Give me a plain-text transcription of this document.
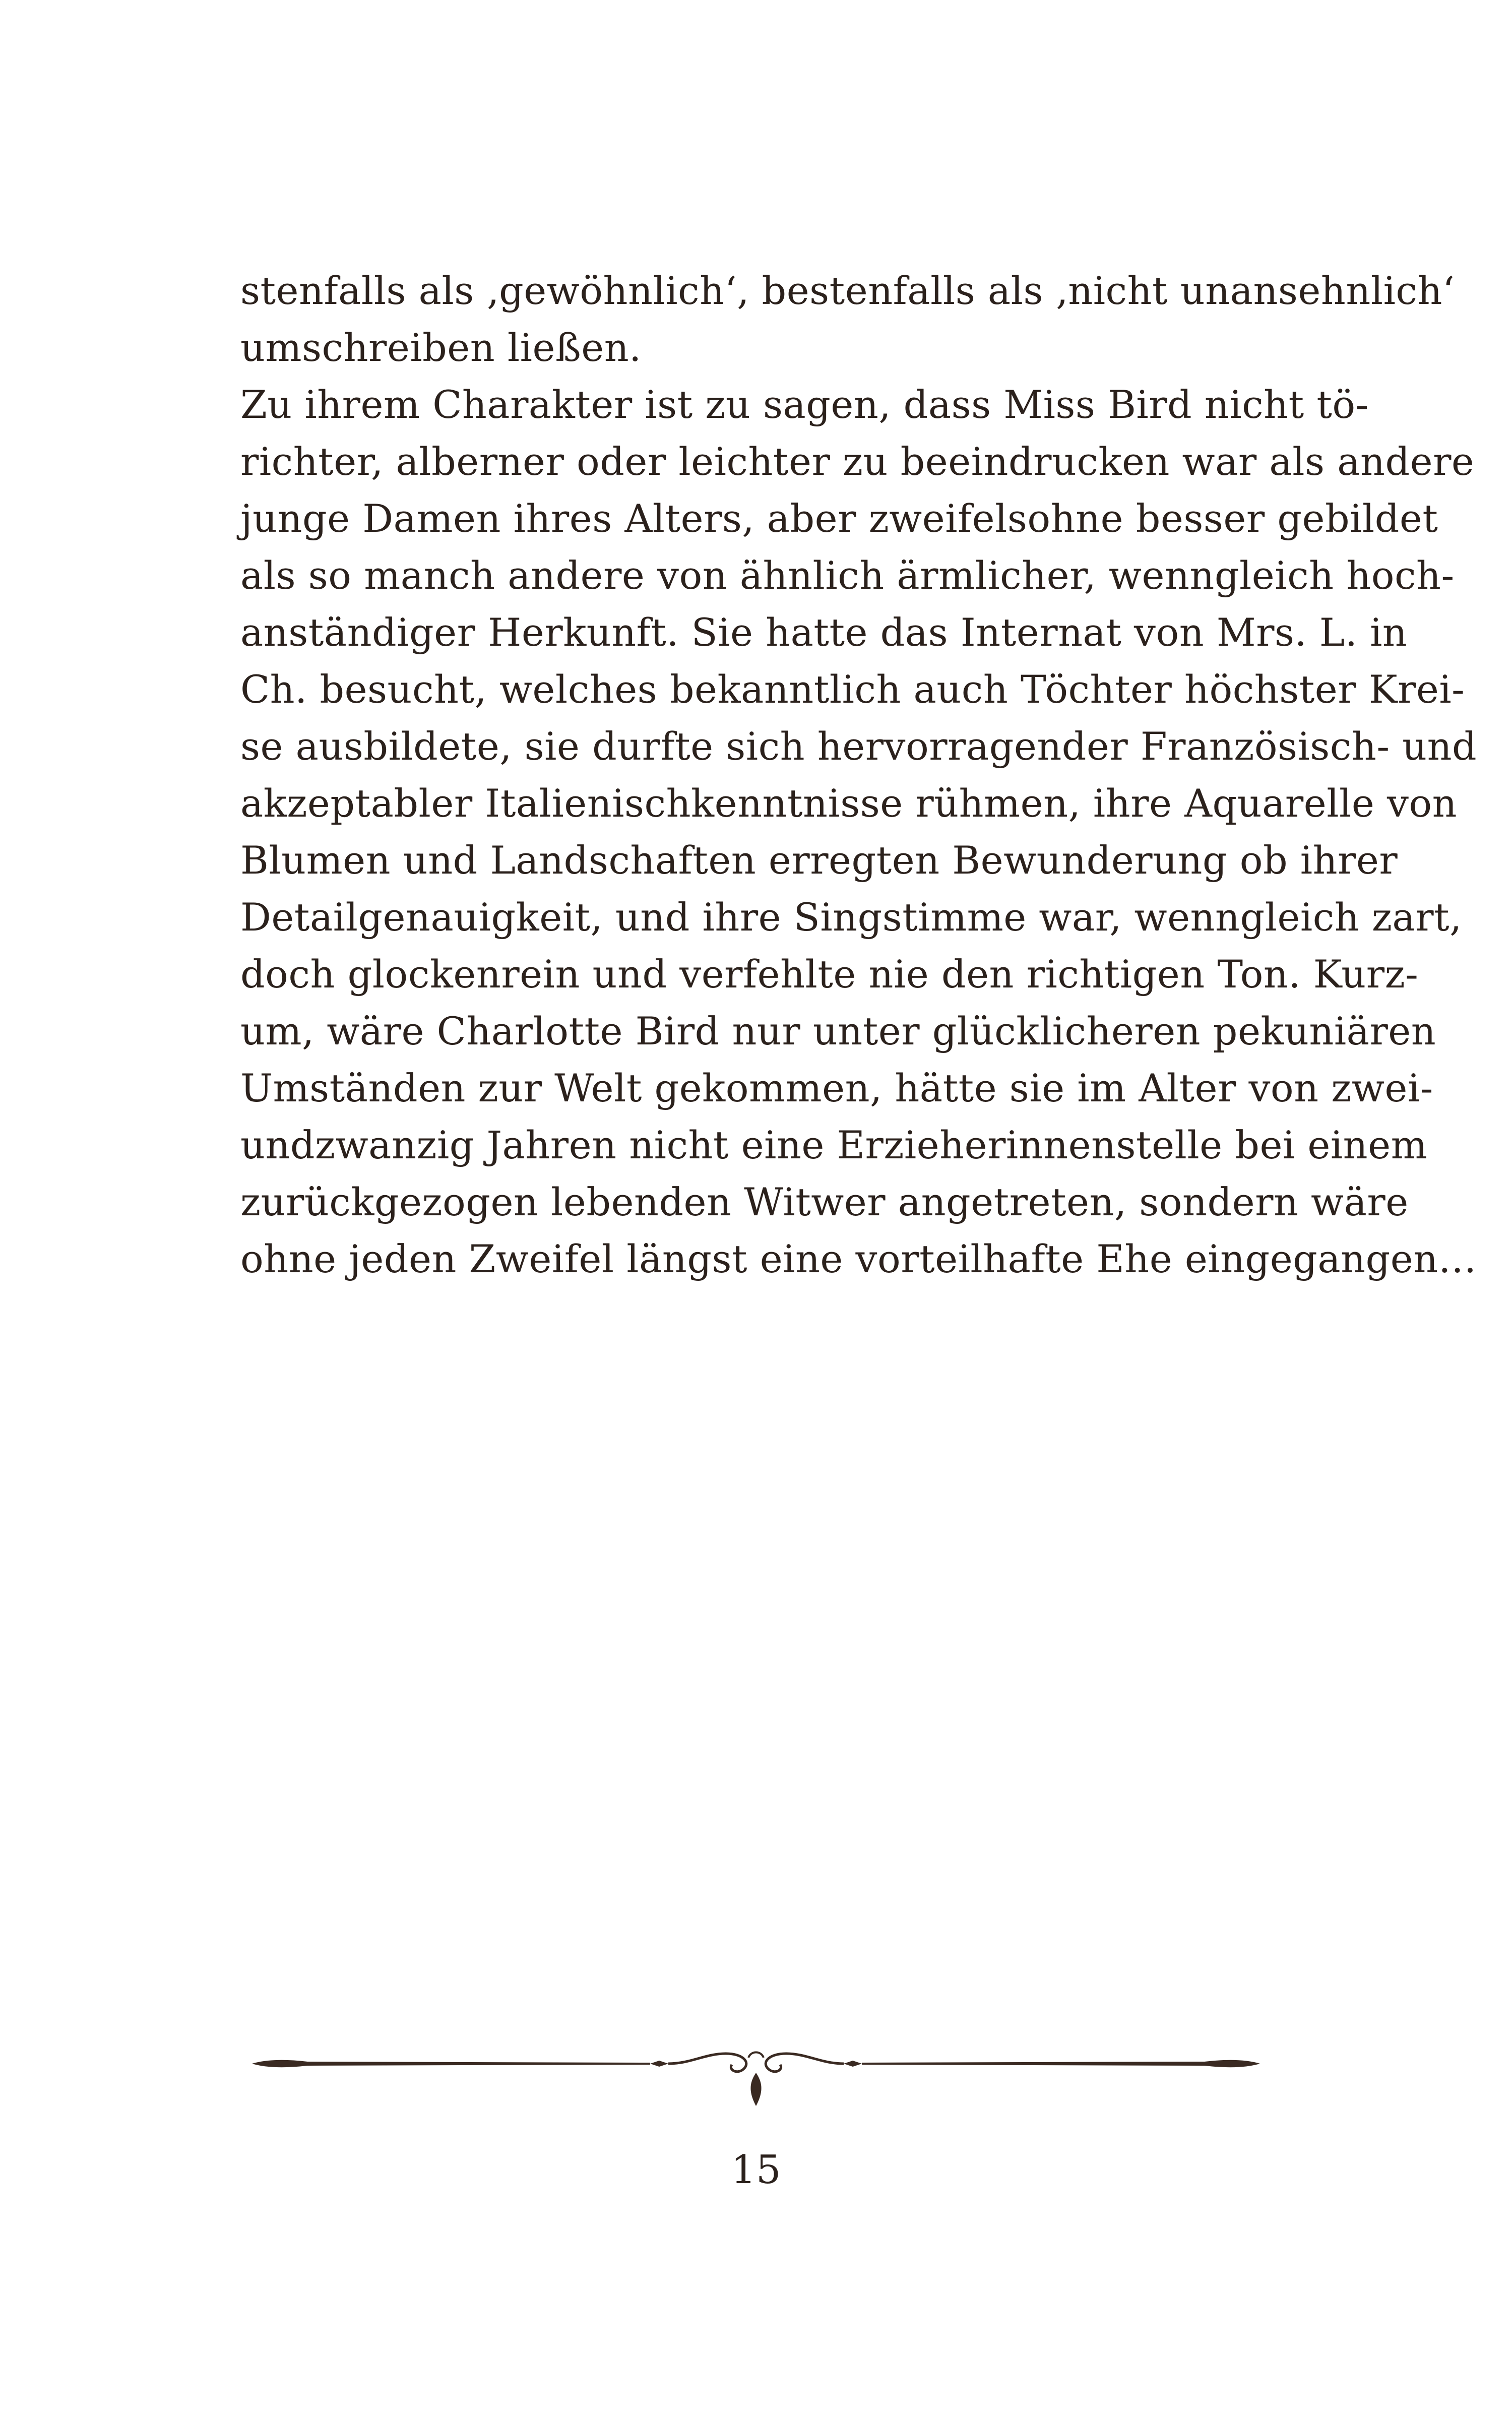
stenfalls als ‚gewöhnlich‘, bestenfalls als ‚nicht unansehnlich‘
umschreiben ließen.
Zu ihrem Charakter ist zu sagen, dass Miss Bird nicht tö-
richter, alberner oder leichter zu beeindrucken war als andere
junge Damen ihres Alters, aber zweifelsohne besser gebildet
als so manch andere von ähnlich ärmlicher, wenngleich hoch-
anständiger Herkunft. Sie hatte das Internat von Mrs. L. in
Ch. besucht, welches bekanntlich auch Töchter höchster Krei-
se ausbildete, sie durfte sich hervorragender Französisch- und
akzeptabler Italienischkenntnisse rühmen, ihre Aquarelle von
Blumen und Landschaften erregten Bewunderung ob ihrer
Detailgenauigkeit, und ihre Singstimme war, wenngleich zart,
doch glockenrein und verfehlte nie den richtigen Ton. Kurz-
um, wäre Charlotte Bird nur unter glücklicheren pekuniären
Umständen zur Welt gekommen, hätte sie im Alter von zwei-
undzwanzig Jahren nicht eine Erzieherinnenstelle bei einem
zurückgezogen lebenden Witwer angetreten, sondern wäre
ohne jeden Zweifel längst eine vorteilhafte Ehe eingegangen…
15
